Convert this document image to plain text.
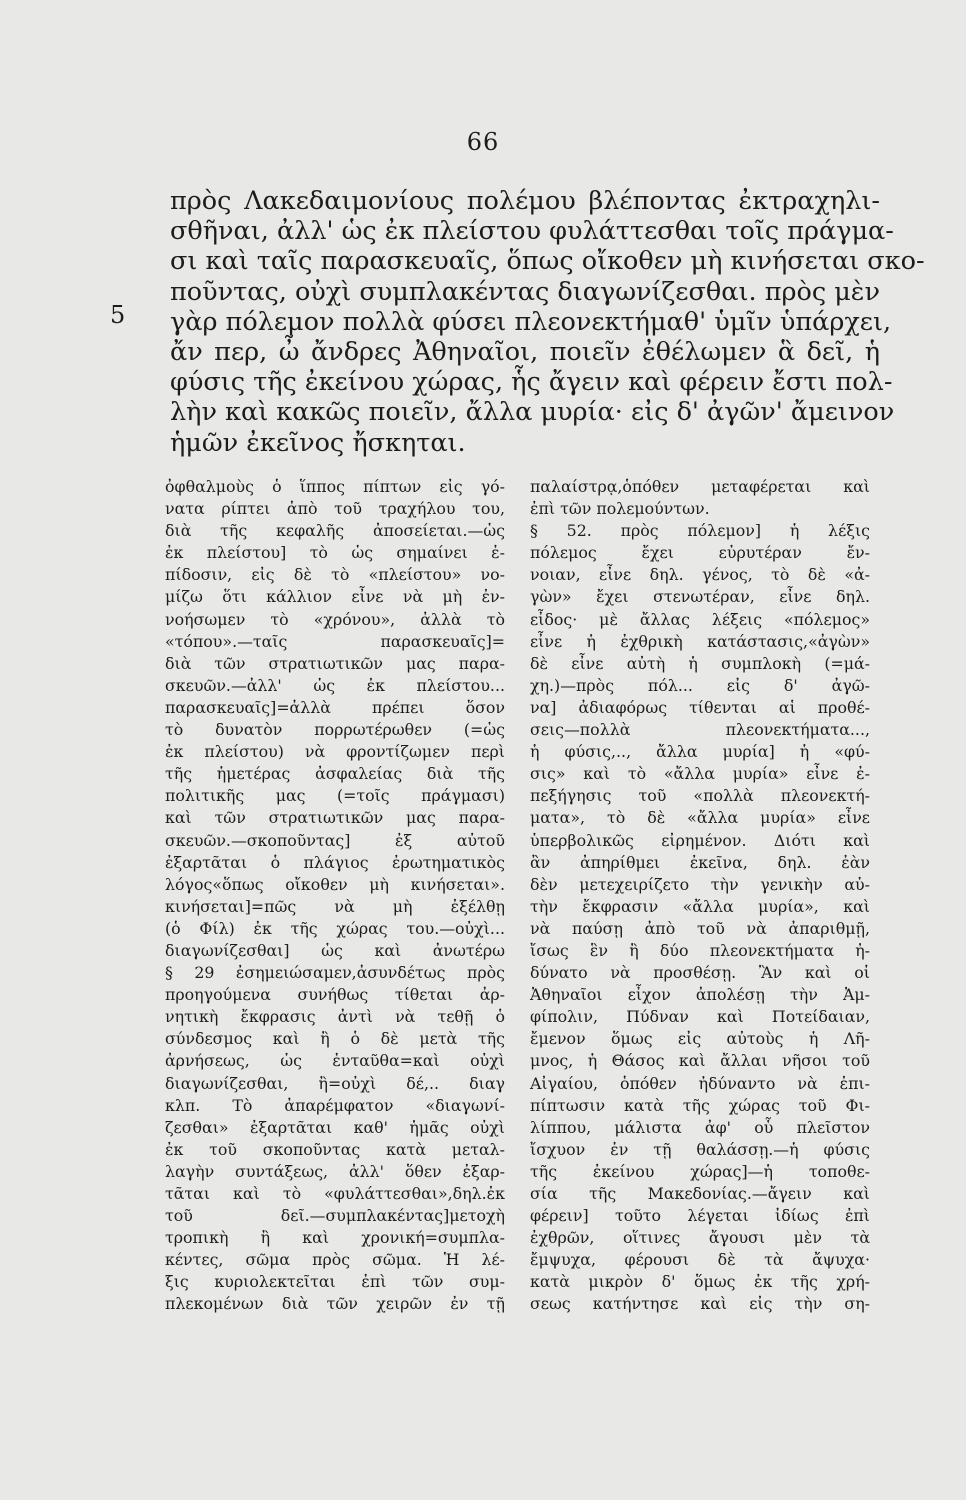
66
5
πρὸς Λακεδαιμονίους πολέμου βλέποντας ἐκτραχηλι-
σθῆναι, ἀλλ' ὡς ἐκ πλείστου φυλάττεσθαι τοῖς πράγμα-
σι καὶ ταῖς παρασκευαῖς, ὅπως οἴκοθεν μὴ κινήσεται σκο-
ποῦντας, οὐχὶ συμπλακέντας διαγωνίζεσθαι. πρὸς μὲν
γὰρ πόλεμον πολλὰ φύσει πλεονεκτήμαθ' ὑμῖν ὑπάρχει,
ἄν περ, ὦ ἄνδρες Ἀθηναῖοι, ποιεῖν ἐθέλωμεν ἃ δεῖ, ἡ
φύσις τῆς ἐκείνου χώρας, ἧς ἄγειν καὶ φέρειν ἔστι πολ-
λὴν καὶ κακῶς ποιεῖν, ἄλλα μυρία· εἰς δ' ἀγῶν' ἄμεινον
ἡμῶν ἐκεῖνος ἤσκηται.
ὀφθαλμοὺς ὁ ἵππος πίπτων εἰς γό-
νατα ρίπτει ἀπὸ τοῦ τραχήλου του,
διὰ τῆς κεφαλῆς ἀποσείεται.—ὡς
ἐκ πλείστου] τὸ ὡς σημαίνει ἐ-
πίδοσιν, εἰς δὲ τὸ «πλείστου» νο-
μίζω ὅτι κάλλιον εἶνε νὰ μὴ ἐν-
νοήσωμεν τὸ «χρόνου», ἀλλὰ τὸ
«τόπου».—ταῖς παρασκευαῖς]=
διὰ τῶν στρατιωτικῶν μας παρα-
σκευῶν.—ἀλλ' ὡς ἐκ πλείστου...
παρασκευαῖς]=ἀλλὰ πρέπει ὅσον
τὸ δυνατὸν πορρωτέρωθεν (=ὡς
ἐκ πλείστου) νὰ φροντίζωμεν περὶ
τῆς ἡμετέρας ἀσφαλείας διὰ τῆς
πολιτικῆς μας (=τοῖς πράγμασι)
καὶ τῶν στρατιωτικῶν μας παρα-
σκευῶν.—σκοποῦντας] ἐξ αὐτοῦ
ἐξαρτᾶται ὁ πλάγιος ἐρωτηματικὸς
λόγος«ὅπως οἴκοθεν μὴ κινήσεται».
κινήσεται]=πῶς νὰ μὴ ἐξέλθῃ
(ὁ Φίλ) ἐκ τῆς χώρας του.—οὐχὶ...
διαγωνίζεσθαι] ὡς καὶ ἀνωτέρω
§ 29 ἐσημειώσαμεν,ἀσυνδέτως πρὸς
προηγούμενα συνήθως τίθεται ἀρ-
νητικὴ ἔκφρασις ἀντὶ νὰ τεθῇ ὁ
σύνδεσμος καὶ ἢ ὁ δὲ μετὰ τῆς
ἀρνήσεως, ὡς ἐνταῦθα=καὶ οὐχὶ
διαγωνίζεσθαι, ἢ=οὐχὶ δέ,.. διαγ
κλπ. Τὸ ἀπαρέμφατον «διαγωνί-
ζεσθαι» ἐξαρτᾶται καθ' ἡμᾶς οὐχὶ
ἐκ τοῦ σκοποῦντας κατὰ μεταλ-
λαγὴν συντάξεως, ἀλλ' ὅθεν ἐξαρ-
τᾶται καὶ τὸ «φυλάττεσθαι»,δηλ.ἐκ
τοῦ δεῖ.—συμπλακέντας]μετοχὴ
τροπικὴ ἢ καὶ χρονική=συμπλα-
κέντες, σῶμα πρὸς σῶμα. Ἡ λέ-
ξις κυριολεκτεῖται ἐπὶ τῶν συμ-
πλεκομένων διὰ τῶν χειρῶν ἐν τῇ
παλαίστρᾳ,ὁπόθεν μεταφέρεται καὶ
ἐπὶ τῶν πολεμούντων.
§ 52. πρὸς πόλεμον] ἡ λέξις
πόλεμος ἔχει εὐρυτέραν ἔν-
νοιαν, εἶνε δηλ. γένος, τὸ δὲ «ἀ-
γὼν» ἔχει στενωτέραν, εἶνε δηλ.
εἶδος· μὲ ἄλλας λέξεις «πόλεμος»
εἶνε ἡ ἐχθρικὴ κατάστασις,«ἀγὼν»
δὲ εἶνε αὐτὴ ἡ συμπλοκὴ (=μά-
χη.)—πρὸς πόλ... εἰς δ' ἀγῶ-
να] ἀδιαφόρως τίθενται αἱ προθέ-
σεις—πολλὰ πλεονεκτήματα...,
ἡ φύσις,.., ἄλλα μυρία] ἡ «φύ-
σις» καὶ τὸ «ἄλλα μυρία» εἶνε ἐ-
πεξήγησις τοῦ «πολλὰ πλεονεκτή-
ματα», τὸ δὲ «ἄλλα μυρία» εἶνε
ὑπερβολικῶς εἰρημένον. Διότι καὶ
ἂν ἀπηρίθμει ἐκεῖνα, δηλ. ἐὰν
δὲν μετεχειρίζετο τὴν γενικὴν αὐ-
τὴν ἔκφρασιν «ἄλλα μυρία», καὶ
νὰ παύσῃ ἀπὸ τοῦ νὰ ἀπαριθμῇ,
ἴσως ἓν ἢ δύο πλεονεκτήματα ἠ-
δύνατο νὰ προσθέσῃ. Ἂν καὶ οἱ
Ἀθηναῖοι εἶχον ἀπολέσῃ τὴν Ἀμ-
φίπολιν, Πύδναν καὶ Ποτείδαιαν,
ἔμενον ὅμως εἰς αὐτοὺς ἡ Λῆ-
μνος, ἡ Θάσος καὶ ἄλλαι νῆσοι τοῦ
Αἰγαίου, ὁπόθεν ἠδύναντο νὰ ἐπι-
πίπτωσιν κατὰ τῆς χώρας τοῦ Φι-
λίππου, μάλιστα ἀφ' οὗ πλεῖστον
ἴσχυον ἐν τῇ θαλάσσῃ.—ἡ φύσις
τῆς ἐκείνου χώρας]—ἡ τοποθε-
σία τῆς Μακεδονίας.—ἄγειν καὶ
φέρειν] τοῦτο λέγεται ἰδίως ἐπὶ
ἐχθρῶν, οἵτινες ἄγουσι μὲν τὰ
ἔμψυχα, φέρουσι δὲ τὰ ἄψυχα·
κατὰ μικρὸν δ' ὅμως ἐκ τῆς χρή-
σεως κατήντησε καὶ εἰς τὴν ση-
